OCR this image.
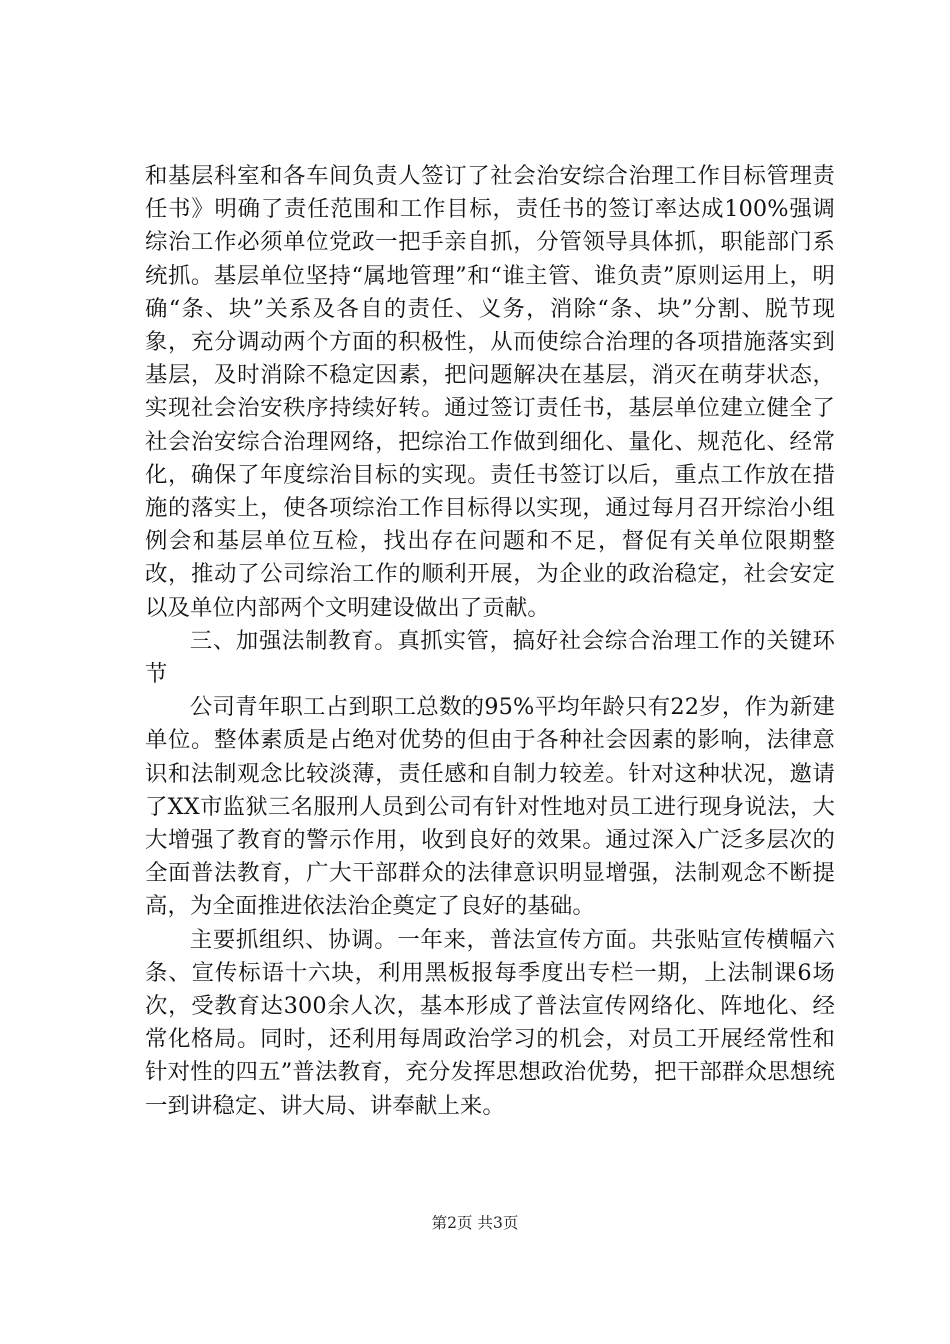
和基层科室和各车间负责人签订了社会治安综合治理工作目标管理责任书》明确了责任范围和工作目标，责任书的签订率达成100%强调综治工作必须单位党政一把手亲自抓，分管领导具体抓，职能部门系统抓。基层单位坚持“属地管理”和“谁主管、谁负责”原则运用上，明确“条、块”关系及各自的责任、义务，消除“条、块”分割、脱节现象，充分调动两个方面的积极性，从而使综合治理的各项措施落实到基层，及时消除不稳定因素，把问题解决在基层，消灭在萌芽状态，实现社会治安秩序持续好转。通过签订责任书，基层单位建立健全了社会治安综合治理网络，把综治工作做到细化、量化、规范化、经常化，确保了年度综治目标的实现。责任书签订以后，重点工作放在措施的落实上，使各项综治工作目标得以实现，通过每月召开综治小组例会和基层单位互检，找出存在问题和不足，督促有关单位限期整改，推动了公司综治工作的顺利开展，为企业的政治稳定，社会安定以及单位内部两个文明建设做出了贡献。

三、加强法制教育。真抓实管，搞好社会综合治理工作的关键环节

公司青年职工占到职工总数的95%平均年龄只有22岁，作为新建单位。整体素质是占绝对优势的但由于各种社会因素的影响，法律意识和法制观念比较淡薄，责任感和自制力较差。针对这种状况，邀请了XX市监狱三名服刑人员到公司有针对性地对员工进行现身说法，大大增强了教育的警示作用，收到良好的效果。通过深入广泛多层次的全面普法教育，广大干部群众的法律意识明显增强，法制观念不断提高，为全面推进依法治企奠定了良好的基础。

主要抓组织、协调。一年来，普法宣传方面。共张贴宣传横幅六条、宣传标语十六块，利用黑板报每季度出专栏一期，上法制课6场次，受教育达300余人次，基本形成了普法宣传网络化、阵地化、经常化格局。同时，还利用每周政治学习的机会，对员工开展经常性和针对性的四五”普法教育，充分发挥思想政治优势，把干部群众思想统一到讲稳定、讲大局、讲奉献上来。

第2页 共3页
